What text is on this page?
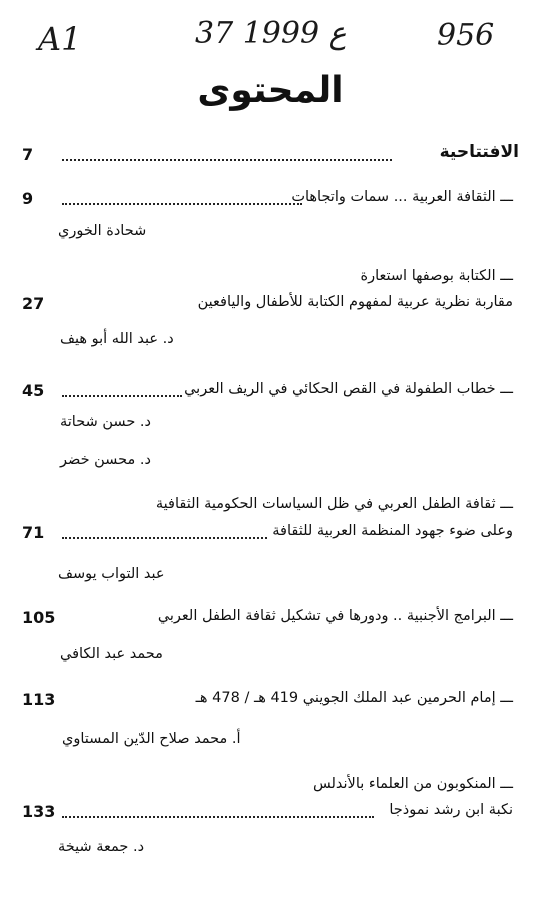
A1	37 ع 1999	956
المحتوى
7	الافتتاحية
9	ـــ الثقافة العربية ... سمات واتجاهات
شحادة الخوري
ـــ الكتابة بوصفها استعارة
27	مقاربة نظرية عربية لمفهوم الكتابة للأطفال واليافعين
د. عبد الله أبو هيف
45	ـــ خطاب الطفولة في القص الحكائي في الريف العربي
د. حسن شحاتة
د. محسن خضر
ـــ ثقافة الطفل العربي في ظل السياسات الحكومية الثقافية
71	وعلى ضوء جهود المنظمة العربية للثقافة
عبد التواب يوسف
105	ـــ البرامج الأجنبية .. ودورها في تشكيل ثقافة الطفل العربي
محمد عبد الكافي
113	ـــ إمام الحرمين عبد الملك الجويني 419 هـ / 478 هـ
أ. محمد صلاح الدّين المستاوي
ـــ المنكوبون من العلماء بالأندلس
133	نكبة ابن رشد نموذجا
د. جمعة شيخة
